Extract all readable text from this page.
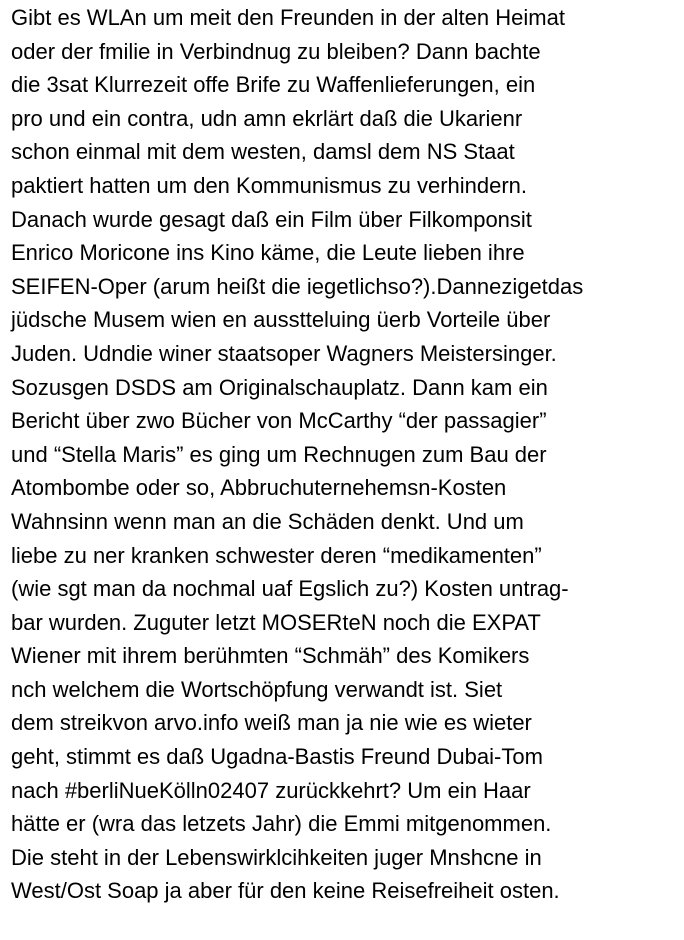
Gibt es WLAn um meit den Freunden in der alten Heimat
oder der fmilie in Verbindnug zu bleiben? Dann bachte
die 3sat Klurrezeit offe Brife zu Waffenlieferungen, ein
pro und ein contra, udn amn ekrlärt daß die Ukarienr
schon einmal mit dem westen, damsl dem NS Staat
paktiert hatten um den Kommunismus zu verhindern.
Danach wurde gesagt daß ein Film über Filkomponsit
Enrico Moricone ins Kino käme, die Leute lieben ihre
SEIFEN-Oper (arum heißt die iegetlichso?).Dannezigetdas
jüdsche Musem wien en ausstteluing üerb Vorteile über
Juden. Udndie winer staatsoper Wagners Meistersinger.
Sozusgen DSDS am Originalschauplatz. Dann kam ein
Bericht über zwo Bücher von McCarthy “der passagier”
und “Stella Maris” es ging um Rechnugen zum Bau der
Atombombe oder so, Abbruchuternehemsn-Kosten
Wahnsinn wenn man an die Schäden denkt. Und um
liebe zu ner kranken schwester deren “medikamenten”
(wie sgt man da nochmal uaf Egslich zu?) Kosten untrag-
bar wurden. Zuguter letzt MOSERteN noch die EXPAT
Wiener mit ihrem berühmten “Schmäh” des Komikers
nch welchem die Wortschöpfung verwandt ist. Siet
dem streikvon arvo.info weiß man ja nie wie es wieter
geht, stimmt es daß Ugadna-Bastis Freund Dubai-Tom
nach #berliNueKölln02407 zurückkehrt? Um ein Haar
hätte er (wra das letzets Jahr) die Emmi mitgenommen.
Die steht in der Lebenswirklcihkeiten juger Mnshcne in
West/Ost Soap ja aber für den keine Reisefreiheit osten.
